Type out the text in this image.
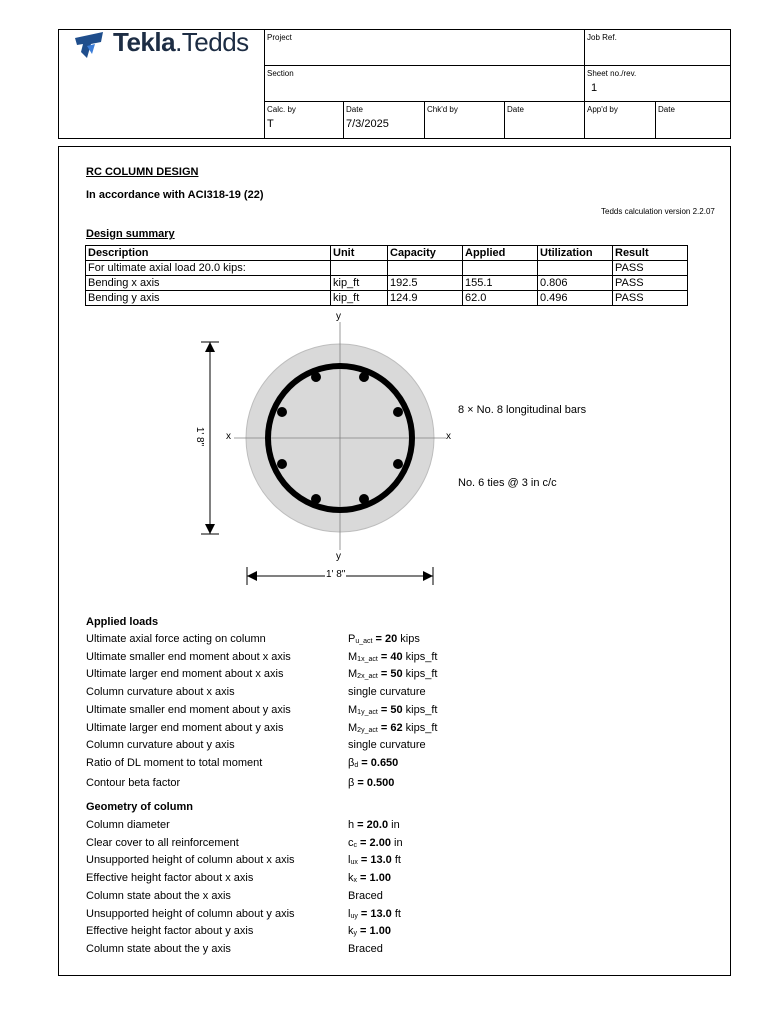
Tekla.Tedds Project	Job Ref.
Section	Sheet no./rev.
1
Calc. by
T
Date
7/3/2025
Chk'd by	Date	App'd by	Date
RC COLUMN DESIGN
In accordance with ACI318-19 (22)
Tedds calculation version 2.2.07
Design summary
Description	Unit	Capacity	Applied	Utilization	Result
For ultimate axial load 20.0 kips:					PASS
Bending x axis	kip_ft	192.5	155.1	0.806	PASS
Bending y axis	kip_ft	124.9	62.0	0.496	PASS
y
y
x	x
1' 8"
1' 8"
8 × No. 8 longitudinal bars
No. 6 ties @ 3 in c/c
Applied loads
Ultimate axial force acting on column	Pu_act = 20 kips
Ultimate smaller end moment about x axis	M1x_act = 40 kips_ft
Ultimate larger end moment about x axis	M2x_act = 50 kips_ft
Column curvature about x axis	single curvature
Ultimate smaller end moment about y axis	M1y_act = 50 kips_ft
Ultimate larger end moment about y axis	M2y_act = 62 kips_ft
Column curvature about y axis	single curvature
Ratio of DL moment to total moment	βd = 0.650
Contour beta factor	β = 0.500
Geometry of column
Column diameter	h = 20.0 in
Clear cover to all reinforcement	cc = 2.00 in
Unsupported height of column about x axis	lux = 13.0 ft
Effective height factor about x axis	kx = 1.00
Column state about the x axis	Braced
Unsupported height of column about y axis	luy = 13.0 ft
Effective height factor about y axis	ky = 1.00
Column state about the y axis	Braced
